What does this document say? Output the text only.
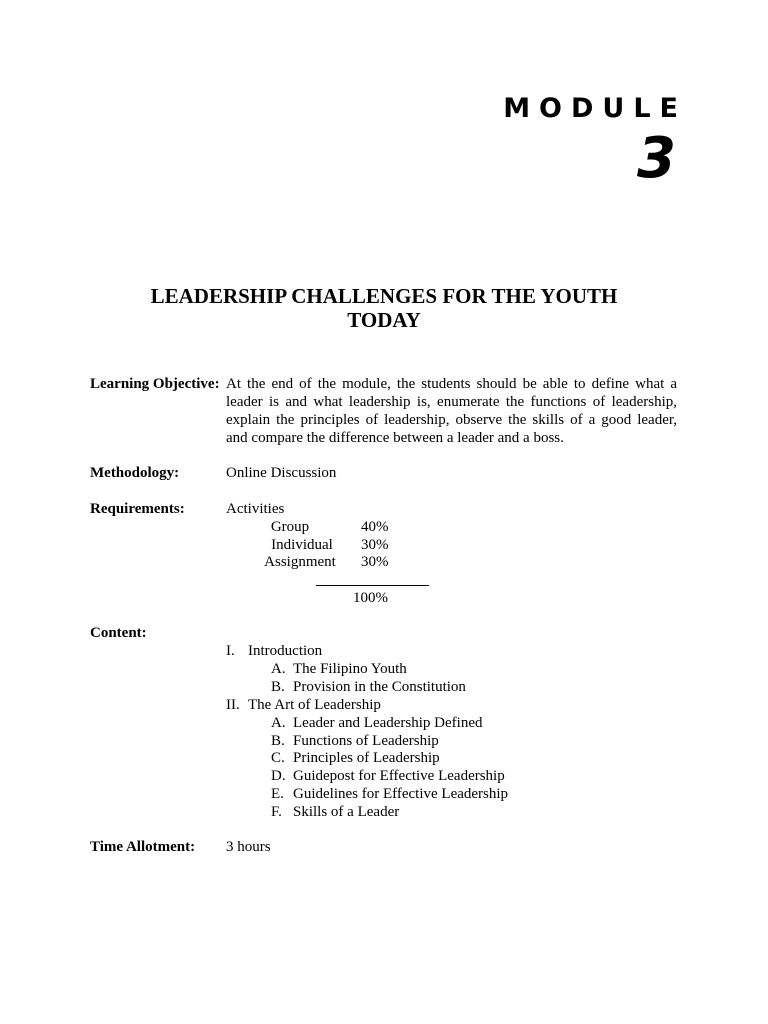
MODULE
3
LEADERSHIP CHALLENGES FOR THE YOUTH
TODAY
Learning Objective: At the end of the module, the students should be able to define what a leader is and what leadership is, enumerate the functions of leadership, explain the principles of leadership, observe the skills of a good leader, and compare the difference between a leader and a boss.
Methodology:	Online Discussion
Requirements:	Activities
Group	40%
Individual	30%
Assignment	30%
100%
Content:
I. Introduction
A. The Filipino Youth
B. Provision in the Constitution
II. The Art of Leadership
A. Leader and Leadership Defined
B. Functions of Leadership
C. Principles of Leadership
D. Guidepost for Effective Leadership
E. Guidelines for Effective Leadership
F. Skills of a Leader
Time Allotment: 3 hours
